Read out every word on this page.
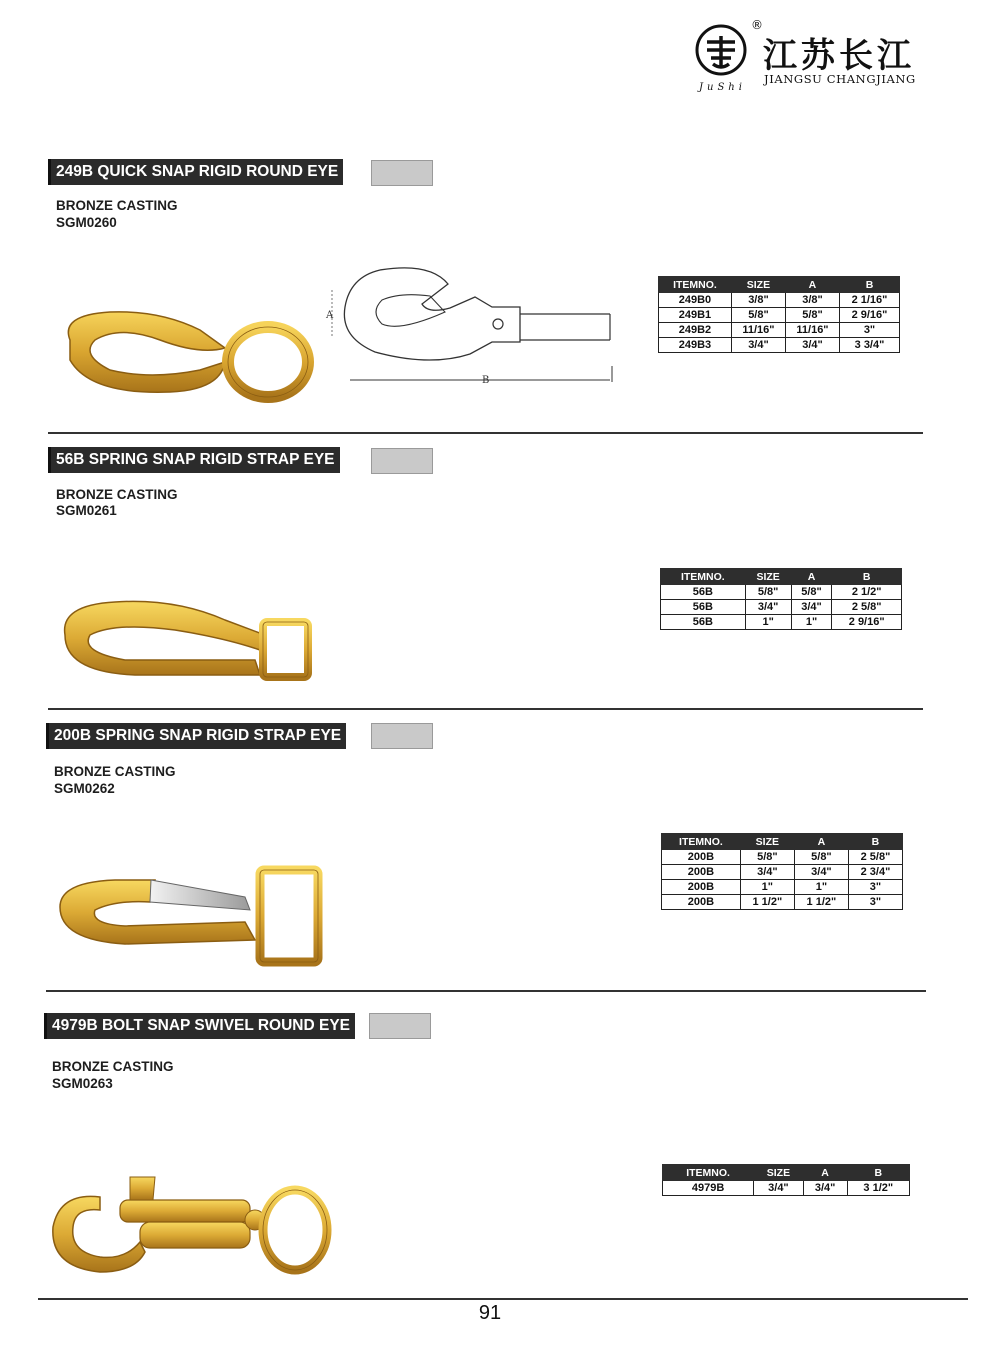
®
江苏长江
JIANGSU CHANGJIANG
JuShi
249B QUICK SNAP RIGID ROUND EYE
BRONZE CASTING
SGM0260
A
B
ITEMNO.	SIZE	A	B
249B0	3/8"	3/8"	2 1/16"
249B1	5/8"	5/8"	2 9/16"
249B2	11/16"	11/16"	3"
249B3	3/4"	3/4"	3 3/4"
56B SPRING SNAP RIGID STRAP EYE
BRONZE CASTING
SGM0261
ITEMNO.	SIZE	A	B
56B	5/8"	5/8"	2 1/2"
56B	3/4"	3/4"	2 5/8"
56B	1"	1"	2 9/16"
200B SPRING SNAP RIGID STRAP EYE
BRONZE CASTING
SGM0262
ITEMNO.	SIZE	A	B
200B	5/8"	5/8"	2 5/8"
200B	3/4"	3/4"	2 3/4"
200B	1"	1"	3"
200B	1 1/2"	1 1/2"	3"
4979B BOLT SNAP SWIVEL ROUND EYE
BRONZE CASTING
SGM0263
ITEMNO.	SIZE	A	B
4979B	3/4"	3/4"	3 1/2"
91
